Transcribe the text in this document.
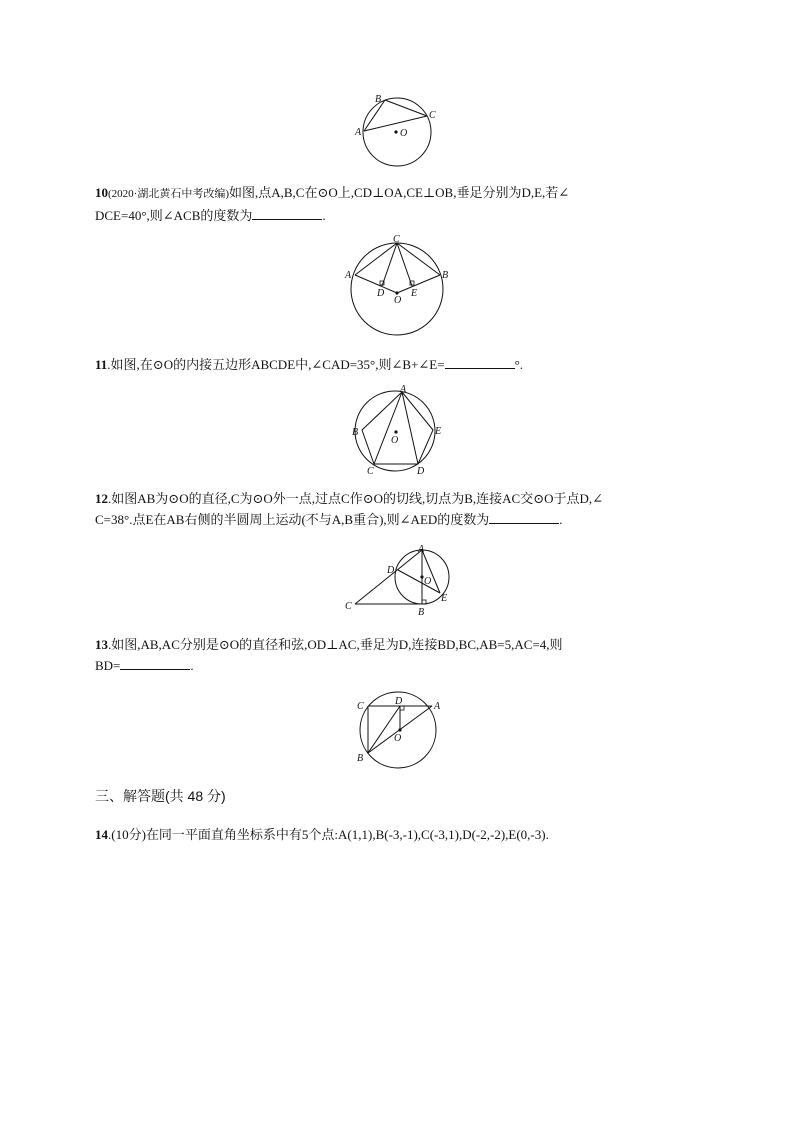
B
A
C
O
10(2020·湖北黄石中考改编)如图,点A,B,C在⊙O上,CD⊥OA,CE⊥OB,垂足分别为D,E,若∠
DCE=40°,则∠ACB的度数为	.
C
A	B
D	E
O
11.如图,在⊙O的内接五边形ABCDE中,∠CAD=35°,则∠B+∠E=	°.
A
B
C	D
E
O
12.如图AB为⊙O的直径,C为⊙O外一点,过点C作⊙O的切线,切点为B,连接AC交⊙O于点D,∠
C=38°.点E在AB右侧的半圆周上运动(不与A,B重合),则∠AED的度数为	.
A
D
O
E
C
B
13.如图,AB,AC分别是⊙O的直径和弦,OD⊥AC,垂足为D,连接BD,BC,AB=5,AC=4,则
BD=	.
C	D	A
O
B
三、解答题(共 48 分)
14.(10分)在同一平面直角坐标系中有5个点:A(1,1),B(-3,-1),C(-3,1),D(-2,-2),E(0,-3).
